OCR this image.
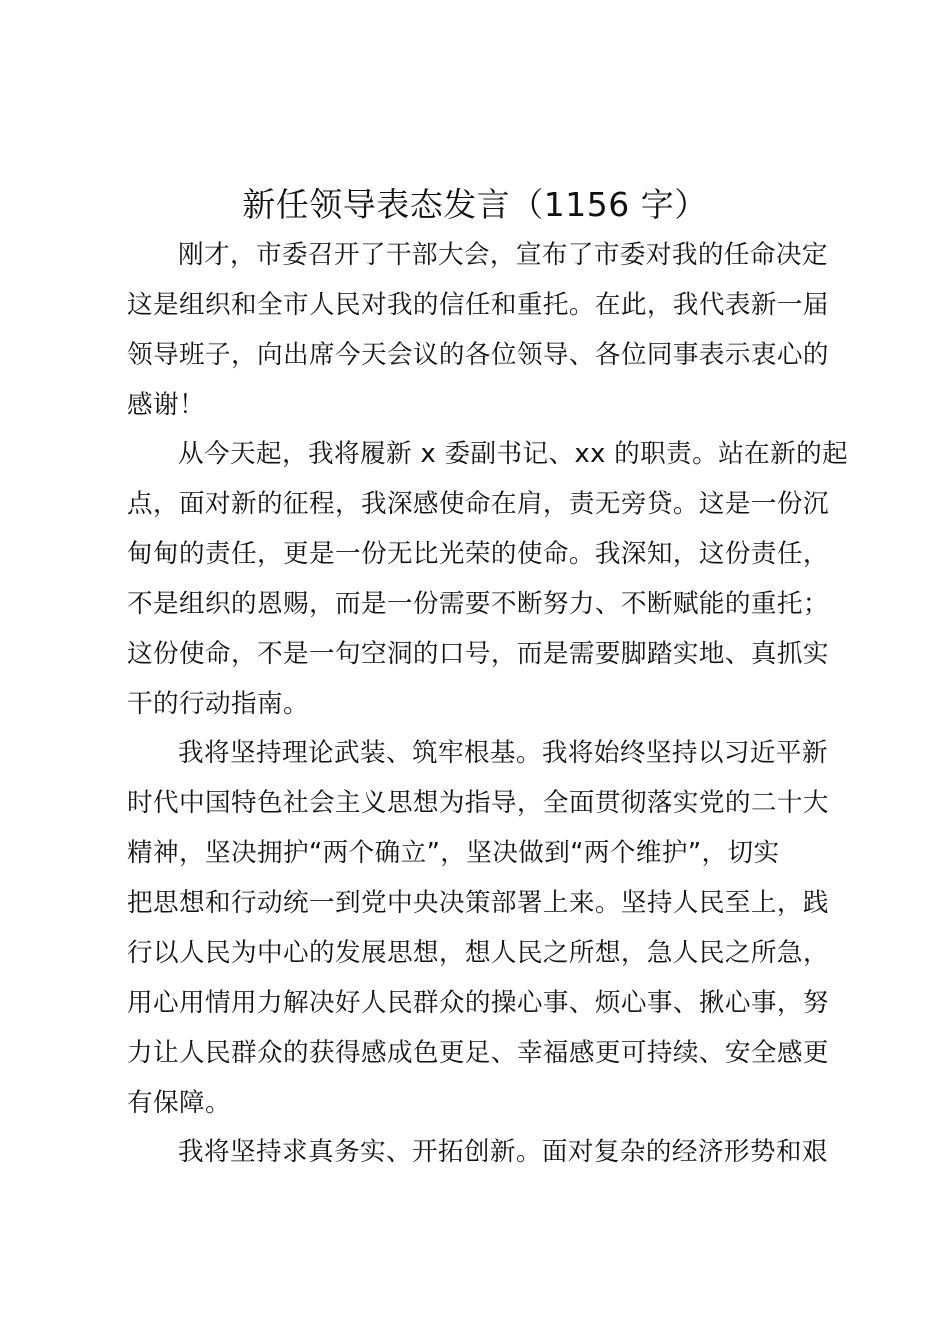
新任领导表态发言（1156 字）

刚才，市委召开了干部大会，宣布了市委对我的任命决定
这是组织和全市人民对我的信任和重托。在此，我代表新一届
领导班子，向出席今天会议的各位领导、各位同事表示衷心的
感谢！

从今天起，我将履新 x 委副书记、xx 的职责。站在新的起
点，面对新的征程，我深感使命在肩，责无旁贷。这是一份沉
甸甸的责任，更是一份无比光荣的使命。我深知，这份责任，
不是组织的恩赐，而是一份需要不断努力、不断赋能的重托；
这份使命，不是一句空洞的口号，而是需要脚踏实地、真抓实
干的行动指南。

我将坚持理论武装、筑牢根基。我将始终坚持以习近平新
时代中国特色社会主义思想为指导，全面贯彻落实党的二十大
精神，坚决拥护“两个确立”，坚决做到“两个维护”，切实
把思想和行动统一到党中央决策部署上来。坚持人民至上，践
行以人民为中心的发展思想，想人民之所想，急人民之所急，
用心用情用力解决好人民群众的操心事、烦心事、揪心事，努
力让人民群众的获得感成色更足、幸福感更可持续、安全感更
有保障。

我将坚持求真务实、开拓创新。面对复杂的经济形势和艰
